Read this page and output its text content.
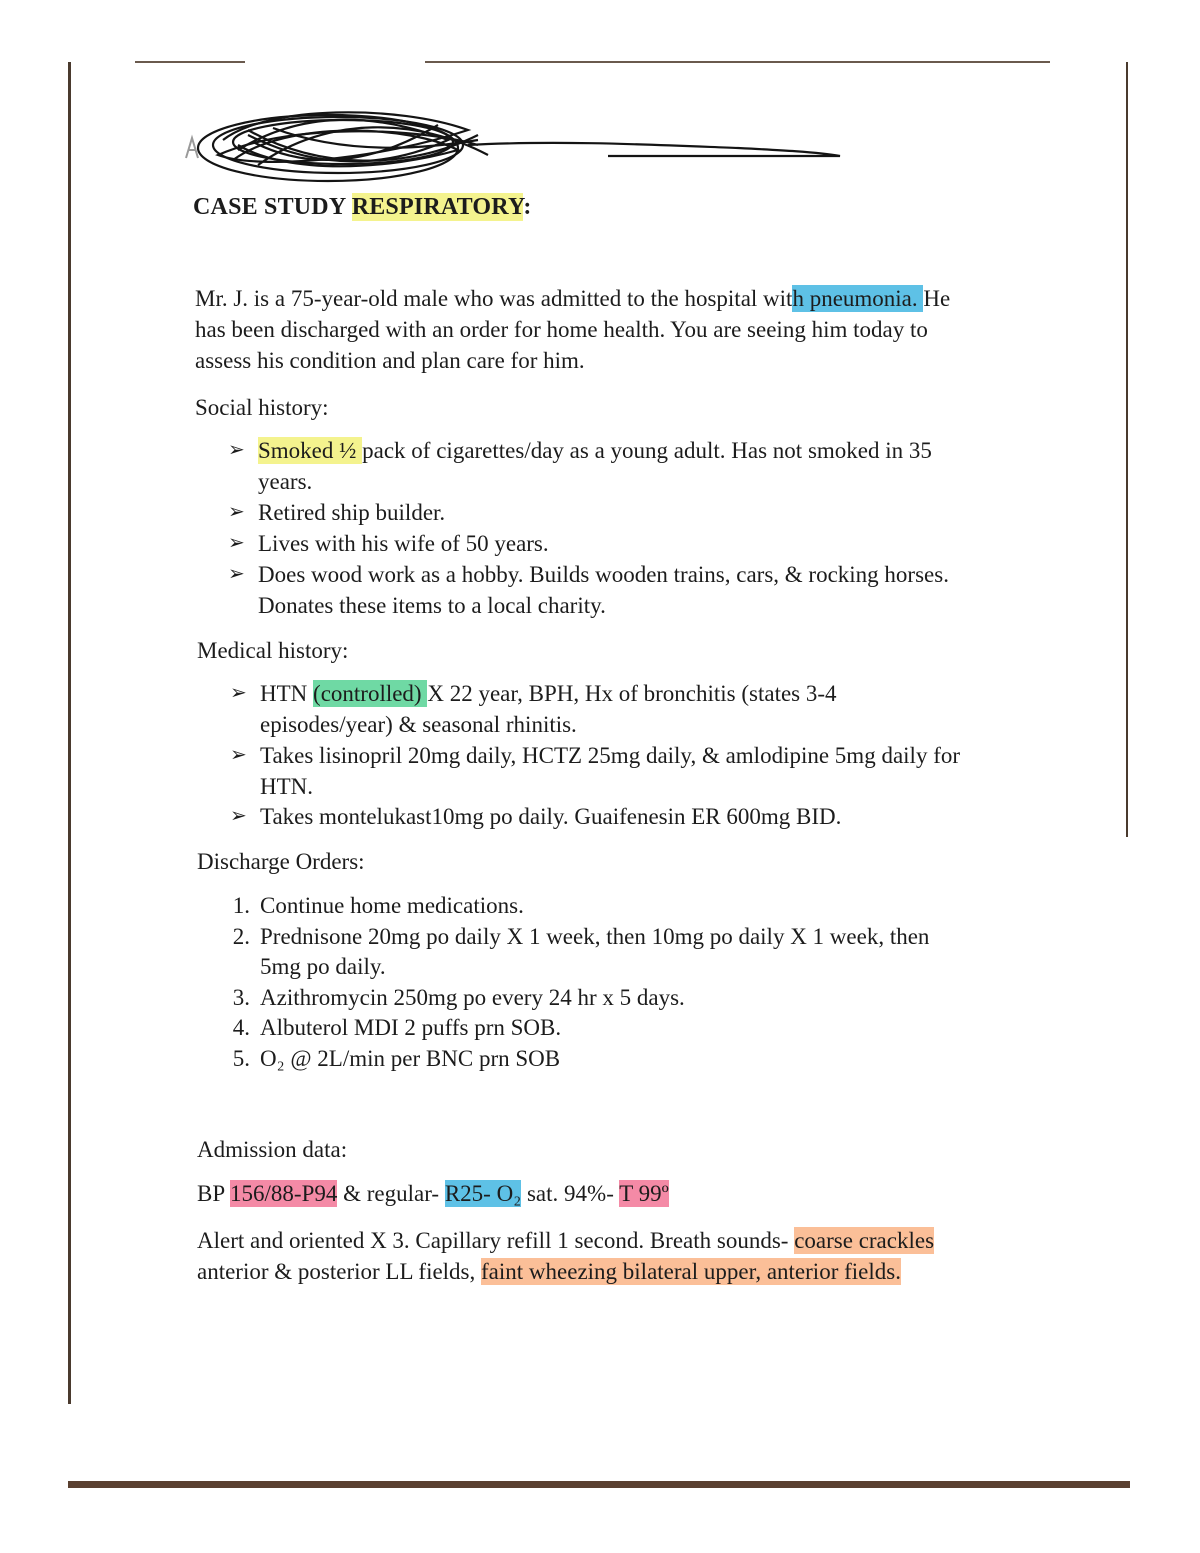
CASE STUDY RESPIRATORY:
Mr. J. is a 75-year-old male who was admitted to the hospital with pneumonia. He
has been discharged with an order for home health. You are seeing him today to
assess his condition and plan care for him.
Social history:
➢ Smoked ½ pack of cigarettes/day as a young adult. Has not smoked in 35
years.
➢ Retired ship builder.
➢ Lives with his wife of 50 years.
➢ Does wood work as a hobby. Builds wooden trains, cars, & rocking horses.
Donates these items to a local charity.
Medical history:
➢ HTN (controlled) X 22 year, BPH, Hx of bronchitis (states 3-4
episodes/year) & seasonal rhinitis.
➢ Takes lisinopril 20mg daily, HCTZ 25mg daily, & amlodipine 5mg daily for
HTN.
➢ Takes montelukast10mg po daily. Guaifenesin ER 600mg BID.
Discharge Orders:
1. Continue home medications.
2. Prednisone 20mg po daily X 1 week, then 10mg po daily X 1 week, then
5mg po daily.
3. Azithromycin 250mg po every 24 hr x 5 days.
4. Albuterol MDI 2 puffs prn SOB.
5. O₂ @ 2L/min per BNC prn SOB
Admission data:
BP 156/88-P94 & regular- R25- O₂ sat. 94%- T 99º
Alert and oriented X 3. Capillary refill 1 second. Breath sounds- coarse crackles
anterior & posterior LL fields, faint wheezing bilateral upper, anterior fields.
